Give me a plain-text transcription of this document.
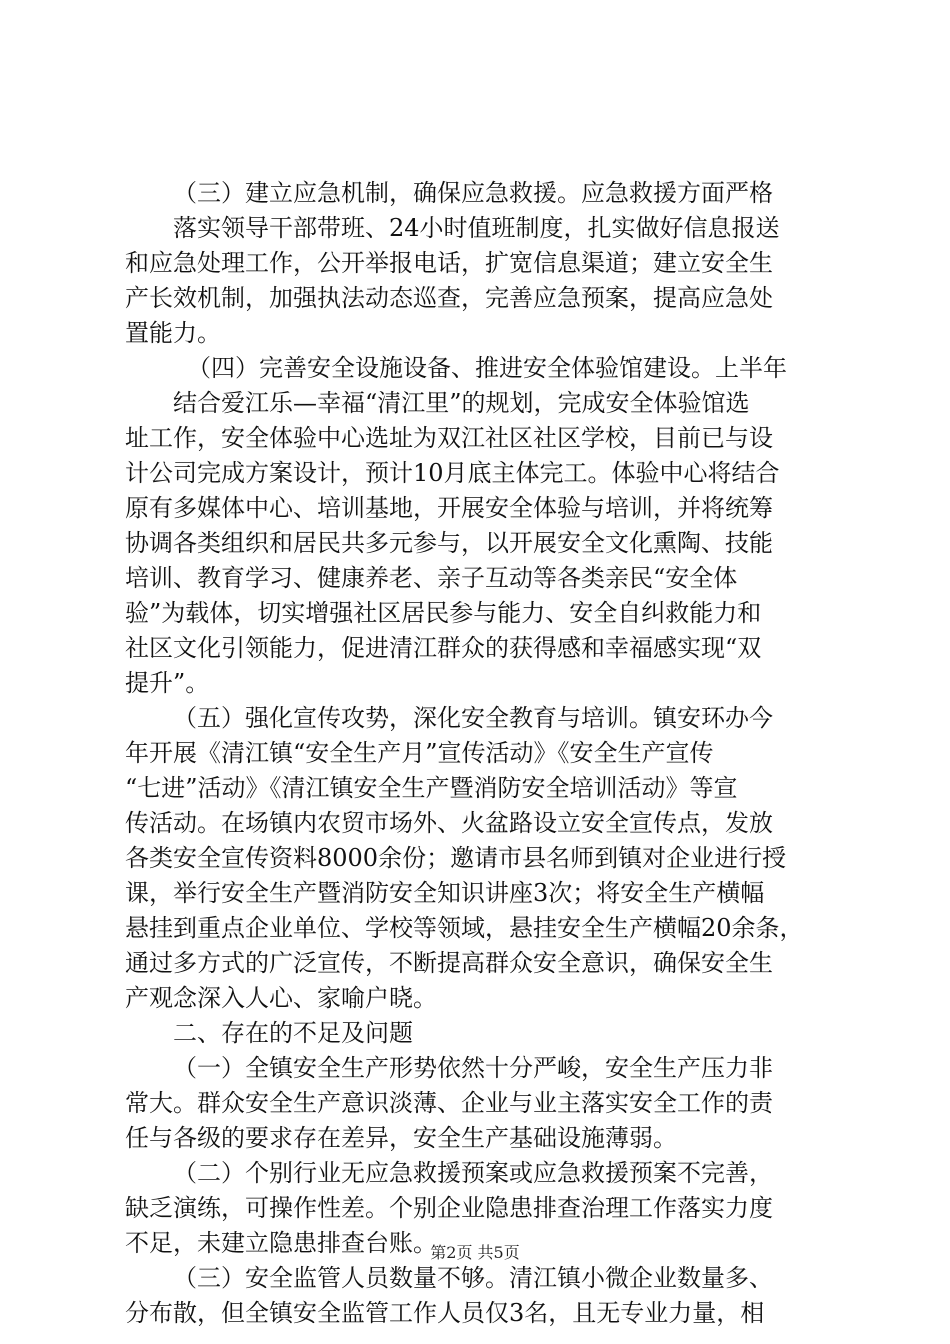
（三）建立应急机制，确保应急救援。应急救援方面严格
落实领导干部带班、24小时值班制度，扎实做好信息报送
和应急处理工作，公开举报电话，扩宽信息渠道；建立安全生
产长效机制，加强执法动态巡查，完善应急预案，提高应急处
置能力。
（四）完善安全设施设备、推进安全体验馆建设。上半年
结合爱江乐—幸福“清江里”的规划，完成安全体验馆选
址工作，安全体验中心选址为双江社区社区学校，目前已与设
计公司完成方案设计，预计10月底主体完工。体验中心将结合
原有多媒体中心、培训基地，开展安全体验与培训，并将统筹
协调各类组织和居民共多元参与，以开展安全文化熏陶、技能
培训、教育学习、健康养老、亲子互动等各类亲民“安全体
验”为载体，切实增强社区居民参与能力、安全自纠救能力和
社区文化引领能力，促进清江群众的获得感和幸福感实现“双
提升”。
（五）强化宣传攻势，深化安全教育与培训。镇安环办今
年开展《清江镇“安全生产月”宣传活动》《安全生产宣传
“七进”活动》《清江镇安全生产暨消防安全培训活动》等宣
传活动。在场镇内农贸市场外、火盆路设立安全宣传点，发放
各类安全宣传资料8000余份；邀请市县名师到镇对企业进行授
课，举行安全生产暨消防安全知识讲座3次；将安全生产横幅
悬挂到重点企业单位、学校等领域，悬挂安全生产横幅20余条，
通过多方式的广泛宣传，不断提高群众安全意识，确保安全生
产观念深入人心、家喻户晓。
二、存在的不足及问题
（一）全镇安全生产形势依然十分严峻，安全生产压力非
常大。群众安全生产意识淡薄、企业与业主落实安全工作的责
任与各级的要求存在差异，安全生产基础设施薄弱。
（二）个别行业无应急救援预案或应急救援预案不完善，
缺乏演练，可操作性差。个别企业隐患排查治理工作落实力度
不足，未建立隐患排查台账。
（三）安全监管人员数量不够。清江镇小微企业数量多、
分布散，但全镇安全监管工作人员仅3名，且无专业力量，相
第2页 共5页
